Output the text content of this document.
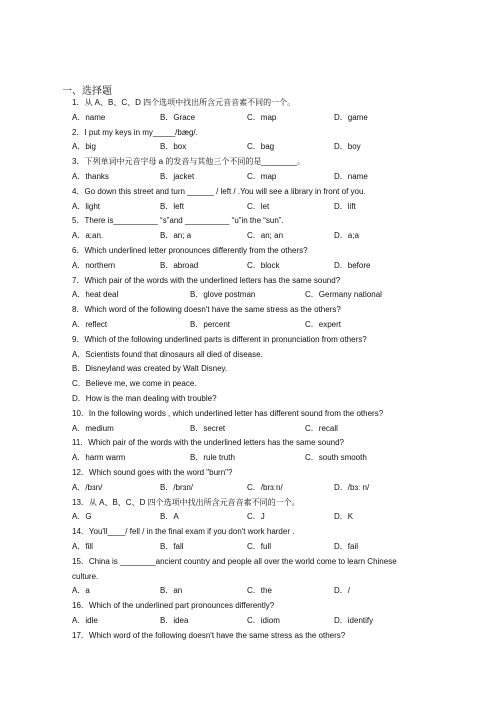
一、选择题
1．从 A、B、C、D 四个选项中找出所含元音音素不同的一个。
A．name	B．Grace	C．map	D．game
2．I put my keys in my_____/bæg/.
A．big	B．box	C．bag	D．boy
3．下列单词中元音字母 a 的发音与其他三个不同的是________。
A．thanks	B．jacket	C．map	D．name
4．Go down this street and turn ______ / left / .You will see a library in front of you.
A．light	B．left	C．let	D．lift
5．There is__________ “s”and __________ “u”in the “sun”.
A．a;an.	B．an; a	C．an; an	D．a;a
6．Which underlined letter pronounces differently from the others?
A．northern	B．abroad	C．block	D．before
7．Which pair of the words with the underlined letters has the same sound?
A．heat deal	B．glove postman	C．Germany national
8．Which word of the following doesn't have the same stress as the others?
A．reflect	B．percent	C．expert
9．Which of the following underlined parts is different in pronunciation from others?
A．Scientists found that dinosaurs all died of disease.
B．Disneyland was created by Walt Disney.
C．Believe me, we come in peace.
D．How is the man dealing with trouble?
10．In the following words , which underlined letter has different sound from the others?
A．medium	B．secret	C．recall
11．Which pair of the words with the underlined letters has the same sound?
A．harm warm	B．rule truth	C．south smooth
12．Which sound goes with the word "burn"?
A．/bɜn/	B．/brɜn/	C．/brɜːn/	D．/bɜː n/
13．从 A、B、C、D 四个选项中找出所含元音音素不同的一个。
A．G	B．A	C．J	D．K
14．You'll____/ fell / in the final exam if you don't work harder .
A．fill	B．fall	C．full	D．fail
15．China is ________ancient country and people all over the world come to learn Chinese
culture.
A．a	B．an	C．the	D．/
16．Which of the underlined part pronounces differently?
A．idle	B．idea	C．idiom	D．identify
17．Which word of the following doesn't have the same stress as the others?
